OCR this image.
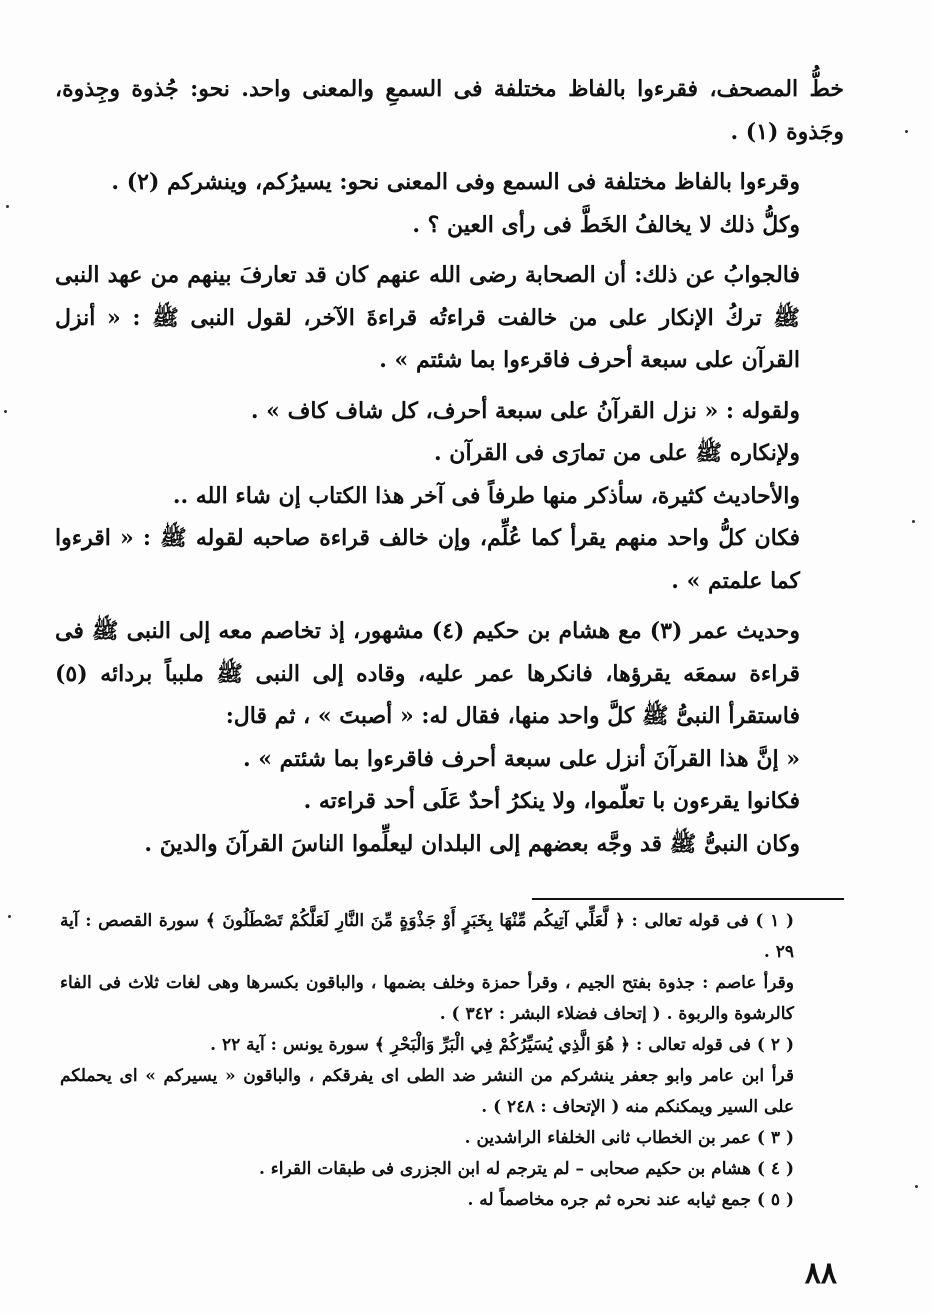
خطُّ المصحف، فقرءوا بالفاظ مختلفة فى السمعِ والمعنى واحد. نحو: جُذوة وجِذوة، وجَذوة (١) .

وقرءوا بالفاظ مختلفة فى السمع وفى المعنى نحو: يسيرُكم، وينشركم (٢) .

وكلُّ ذلك لا يخالفُ الخَطَّ فى رأى العين ؟ .

فالجوابُ عن ذلك: أن الصحابة رضى الله عنهم كان قد تعارفَ بينهم من عهد النبى ﷺ تركُ الإنكار على من خالفت قراءتُه قراءةَ الآخر، لقول النبى ﷺ : « أنزل القرآن على سبعة أحرف فاقرءوا بما شئتم » .

ولقوله : « نزل القرآنُ على سبعة أحرف، كل شاف كاف » .

ولإنكاره ﷺ على من تمارَى فى القرآن .

والأحاديث كثيرة، سأذكر منها طرفاً فى آخر هذا الكتاب إن شاء الله ..

فكان كلُّ واحد منهم يقرأ كما عُلِّم، وإن خالف قراءة صاحبه لقوله ﷺ : « اقرءوا كما علمتم » .

وحديث عمر (٣) مع هشام بن حكيم (٤) مشهور، إذ تخاصم معه إلى النبى ﷺ فى قراءة سمعَه يقرؤها، فانكرها عمر عليه، وقاده إلى النبى ﷺ ملبباً بردائه (٥) فاستقرأ النبىُّ ﷺ كلَّ واحد منها، فقال له: « أصبتَ » ، ثم قال:

« إنَّ هذا القرآنَ أنزل على سبعة أحرف فاقرءوا بما شئتم » .

فكانوا يقرءون با تعلّموا، ولا ينكرُ أحدٌ عَلَى أحد قراءته .

وكان النبىُّ ﷺ قد وجَّه بعضهم إلى البلدان ليعلِّموا الناسَ القرآنَ والدينَ .

( ١ ) فى قوله تعالى : ﴿ لَّعَلِّي آتِيكُم مِّنْهَا بِخَبَرٍ أَوْ جَذْوَةٍ مِّنَ النَّارِ لَعَلَّكُمْ تَصْطَلُونَ ﴾ سورة القصص : آية ٢٩ .

وقرأ عاصم : جذوة بفتح الجيم ، وقرأ حمزة وخلف بضمها ، والباقون بكسرها وهى لغات ثلاث فى الفاء كالرشوة والربوة . ( إتحاف فضلاء البشر : ٣٤٢ ) .

( ٢ ) فى قوله تعالى : ﴿ هُوَ الَّذِي يُسَيِّرُكُمْ فِي الْبَرِّ وَالْبَحْرِ ﴾ سورة يونس : آية ٢٢ .

قرأ ابن عامر وابو جعفر ينشركم من النشر ضد الطى اى يفرقكم ، والباقون « يسيركم » اى يحملكم على السير ويمكنكم منه ( الإتحاف : ٢٤٨ ) .

( ٣ ) عمر بن الخطاب ثانى الخلفاء الراشدين .

( ٤ ) هشام بن حكيم صحابى – لم يترجم له ابن الجزرى فى طبقات القراء .

( ٥ ) جمع ثيابه عند نحره ثم جره مخاصماً له .

٨٨
